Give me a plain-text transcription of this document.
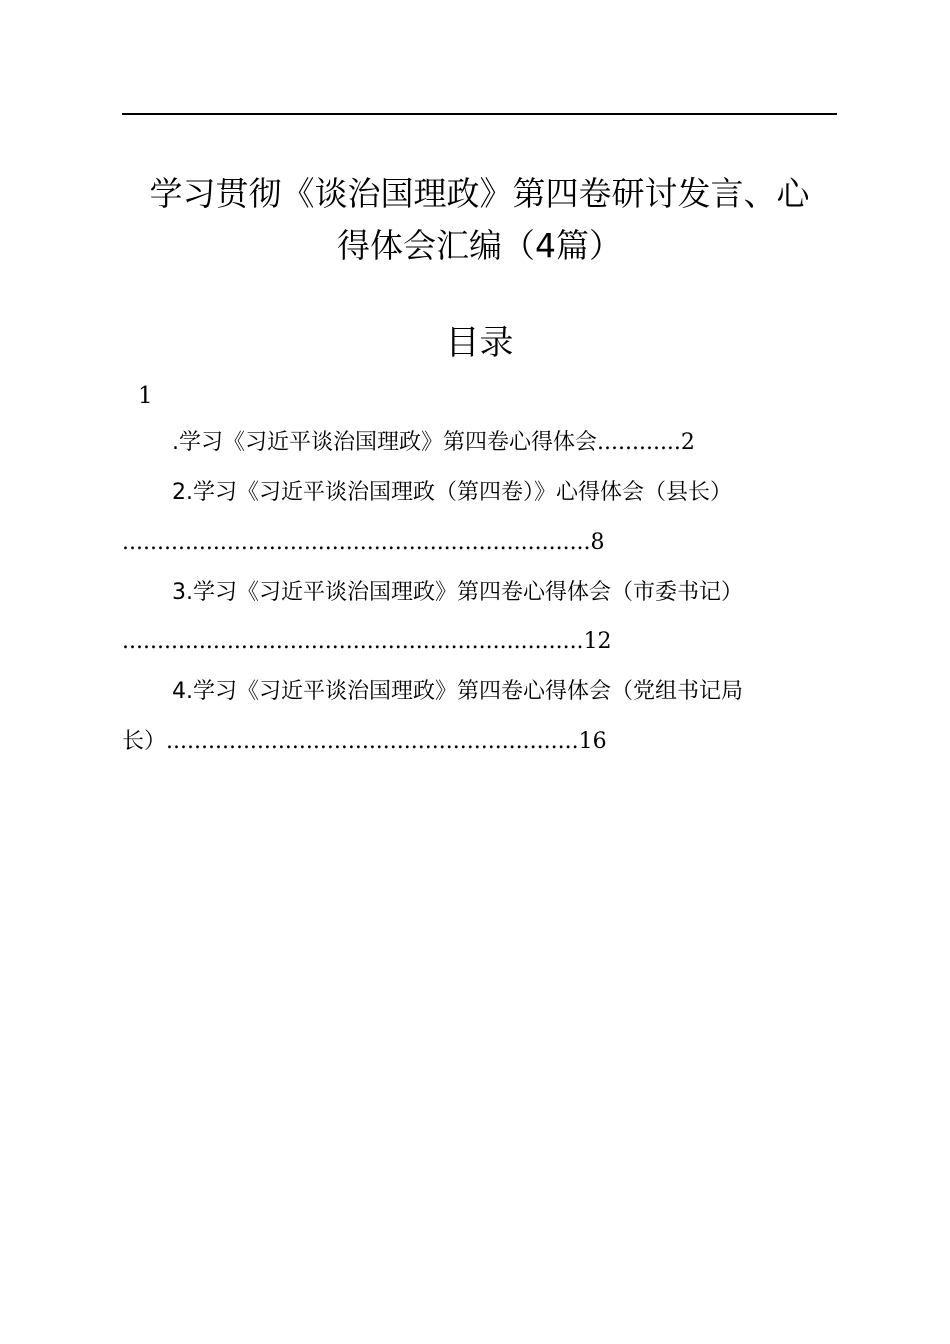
学习贯彻《谈治国理政》第四卷研讨发言、心
得体会汇编（4篇）
目录
1
.学习《习近平谈治国理政》第四卷心得体会............2
2.学习《习近平谈治国理政（第四卷）》心得体会（县长）
...................................................................8
3.学习《习近平谈治国理政》第四卷心得体会（市委书记）
..................................................................12
4.学习《习近平谈治国理政》第四卷心得体会（党组书记局
长）...........................................................16
